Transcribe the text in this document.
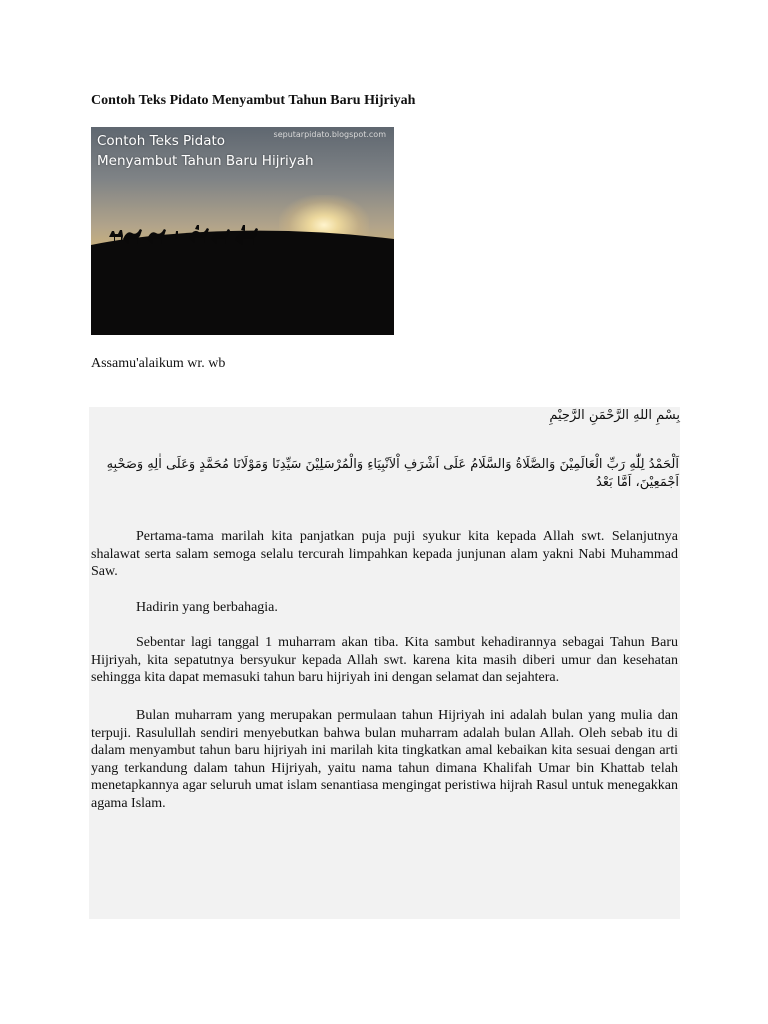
Contoh Teks Pidato Menyambut Tahun Baru Hijriyah
Contoh Teks Pidato
Menyambut Tahun Baru Hijriyah
seputarpidato.blogspot.com

Assamu'alaikum wr. wb

بِسْمِ اللهِ الرَّحْمَنِ الرَّحِيْمِ
اَلْحَمْدُ لِلّٰهِ رَبِّ الْعَالَمِيْنَ وَالصَّلَاةُ وَالسَّلَامُ عَلَى اَشْرَفِ اْلاَنْبِيَاءِ وَالْمُرْسَلِيْنَ سَيِّدِنَا وَمَوْلَانَا مُحَمَّدٍ وَعَلَى اٰلِهِ وَصَحْبِهِ اَجْمَعِيْنَ، اَمَّا بَعْدُ

Pertama-tama marilah kita panjatkan puja puji syukur kita kepada Allah swt. Selanjutnya shalawat serta salam semoga selalu tercurah limpahkan kepada junjunan alam yakni Nabi Muhammad Saw.

Hadirin yang berbahagia.

Sebentar lagi tanggal 1 muharram akan tiba. Kita sambut kehadirannya sebagai Tahun Baru Hijriyah, kita sepatutnya bersyukur kepada Allah swt. karena kita masih diberi umur dan kesehatan sehingga kita dapat memasuki tahun baru hijriyah ini dengan selamat dan sejahtera.

Bulan muharram yang merupakan permulaan tahun Hijriyah ini adalah bulan yang mulia dan terpuji. Rasulullah sendiri menyebutkan bahwa bulan muharram adalah bulan Allah. Oleh sebab itu di dalam menyambut tahun baru hijriyah ini marilah kita tingkatkan amal kebaikan kita sesuai dengan arti yang terkandung dalam tahun Hijriyah, yaitu nama tahun dimana Khalifah Umar bin Khattab telah menetapkannya agar seluruh umat islam senantiasa mengingat peristiwa hijrah Rasul untuk menegakkan agama Islam.
